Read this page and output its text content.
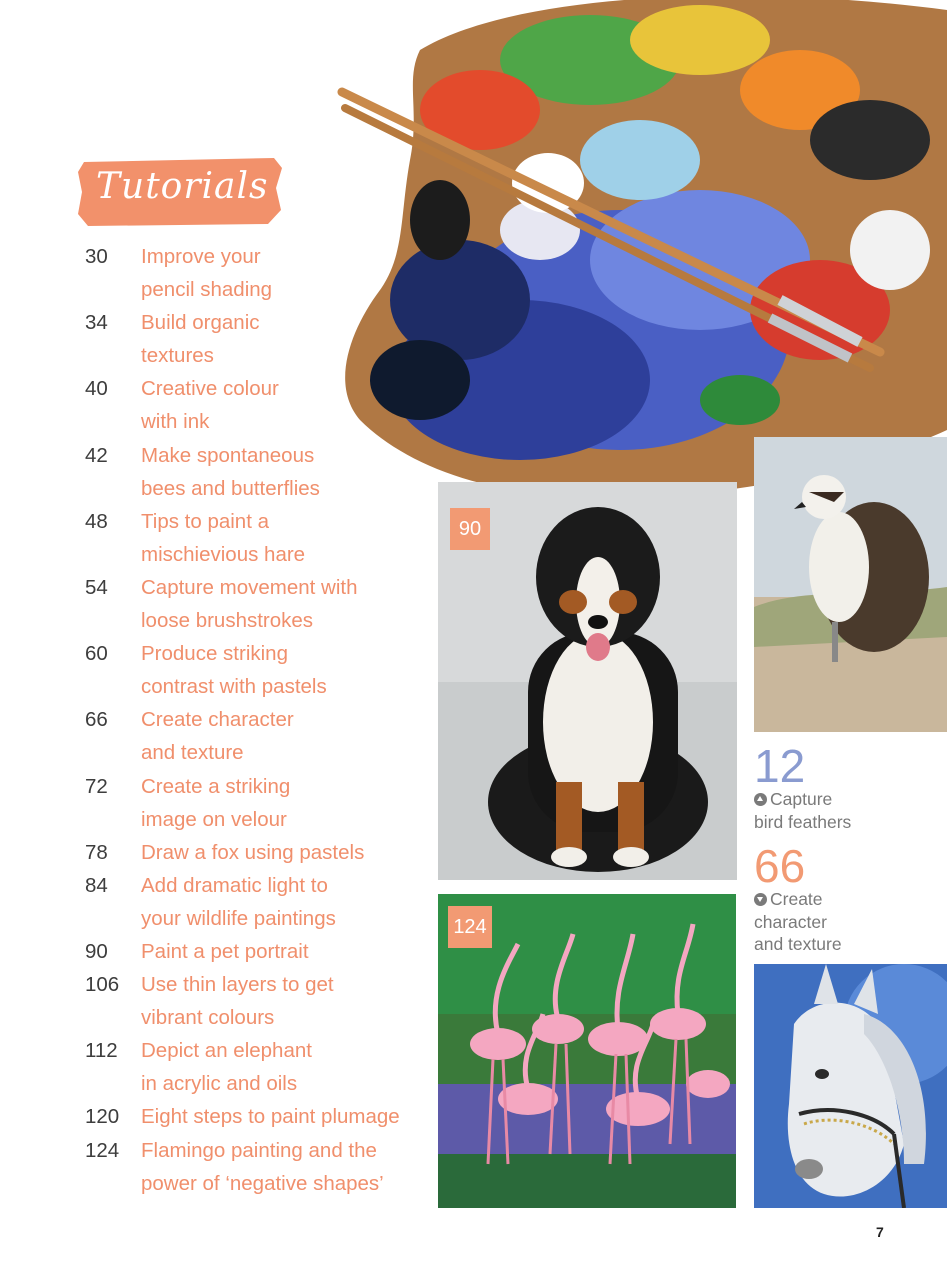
Tutorials
30	Improve your
pencil shading
34	Build organic
textures
40	Creative colour
with ink
42	Make spontaneous
bees and butterflies
48	Tips to paint a
mischievious hare
54	Capture movement with
loose brushstrokes
60	Produce striking
contrast with pastels
66	Create character
and texture
72	Create a striking
image on velour
78	Draw a fox using pastels
84	Add dramatic light to
your wildlife paintings
90	Paint a pet portrait
106	Use thin layers to get
vibrant colours
112	Depict an elephant
in acrylic and oils
120	Eight steps to paint plumage
124	Flamingo painting and the
power of ‘negative shapes’
90
124
12
Capture
bird feathers
66
Create
character
and texture
7
